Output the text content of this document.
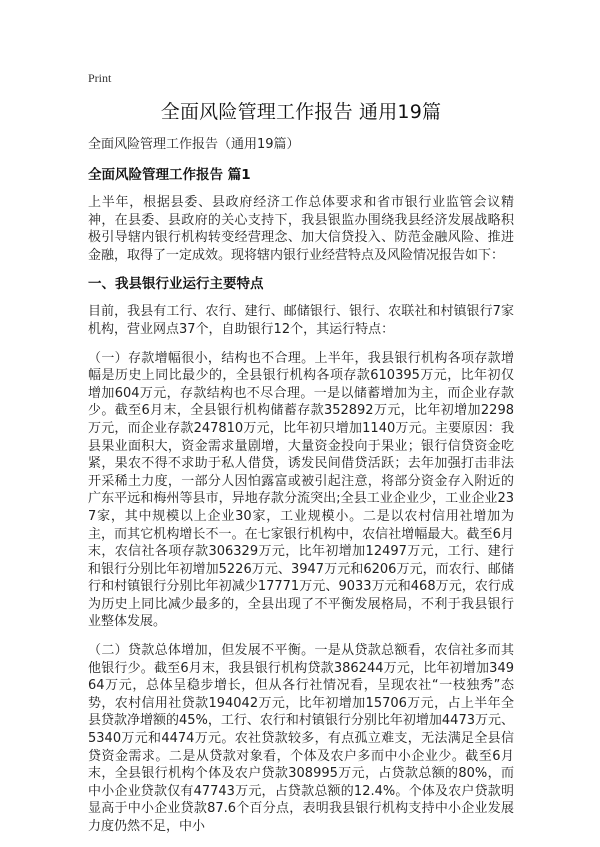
Print
全面风险管理工作报告 通用19篇
全面风险管理工作报告（通用19篇）
全面风险管理工作报告 篇1

上半年，根据县委、县政府经济工作总体要求和省市银行业监管会议精神，在县委、县政府的关心支持下，我县银监办围绕我县经济发展战略积极引导辖内银行机构转变经营理念、加大信贷投入、防范金融风险、推进金融，取得了一定成效。现将辖内银行业经营特点及风险情况报告如下：

一、我县银行业运行主要特点

目前，我县有工行、农行、建行、邮储银行、银行、农联社和村镇银行7家机构，营业网点37个，自助银行12个，其运行特点：

（一）存款增幅很小，结构也不合理。上半年，我县银行机构各项存款增幅是历史上同比最少的，全县银行机构各项存款610395万元，比年初仅增加604万元，存款结构也不尽合理。一是以储蓄增加为主，而企业存款少。截至6月末，全县银行机构储蓄存款352892万元，比年初增加2298万元，而企业存款247810万元，比年初只增加1140万元。主要原因：我县果业面积大，资金需求量剧增，大量资金投向于果业；银行信贷资金吃紧，果农不得不求助于私人借贷，诱发民间借贷活跃；去年加强打击非法开采稀土力度，一部分人因怕露富或被引起注意，将部分资金存入附近的广东平远和梅州等县市，异地存款分流突出;全县工业企业少，工业企业237家，其中规模以上企业30家，工业规模小。二是以农村信用社增加为主，而其它机构增长不一。在七家银行机构中，农信社增幅最大。截至6月末，农信社各项存款306329万元，比年初增加12497万元，工行、建行和银行分别比年初增加5226万元、3947万元和6206万元，而农行、邮储行和村镇银行分别比年初减少17771万元、9033万元和468万元，农行成为历史上同比减少最多的，全县出现了不平衡发展格局，不利于我县银行业整体发展。

（二）贷款总体增加，但发展不平衡。一是从贷款总额看，农信社多而其他银行少。截至6月末，我县银行机构贷款386244万元，比年初增加34964万元，总体呈稳步增长，但从各行社情况看，呈现农社“一枝独秀”态势，农村信用社贷款194042万元，比年初增加15706万元，占上半年全县贷款净增额的45%，工行、农行和村镇银行分别比年初增加4473万元、5340万元和4474万元。农社贷款较多，有点孤立难支，无法满足全县信贷资金需求。二是从贷款对象看，个体及农户多而中小企业少。截至6月末，全县银行机构个体及农户贷款308995万元，占贷款总额的80%，而中小企业贷款仅有47743万元，占贷款总额的12.4%。个体及农户贷款明显高于中小企业贷款87.6个百分点，表明我县银行机构支持中小企业发展力度仍然不足，中小
